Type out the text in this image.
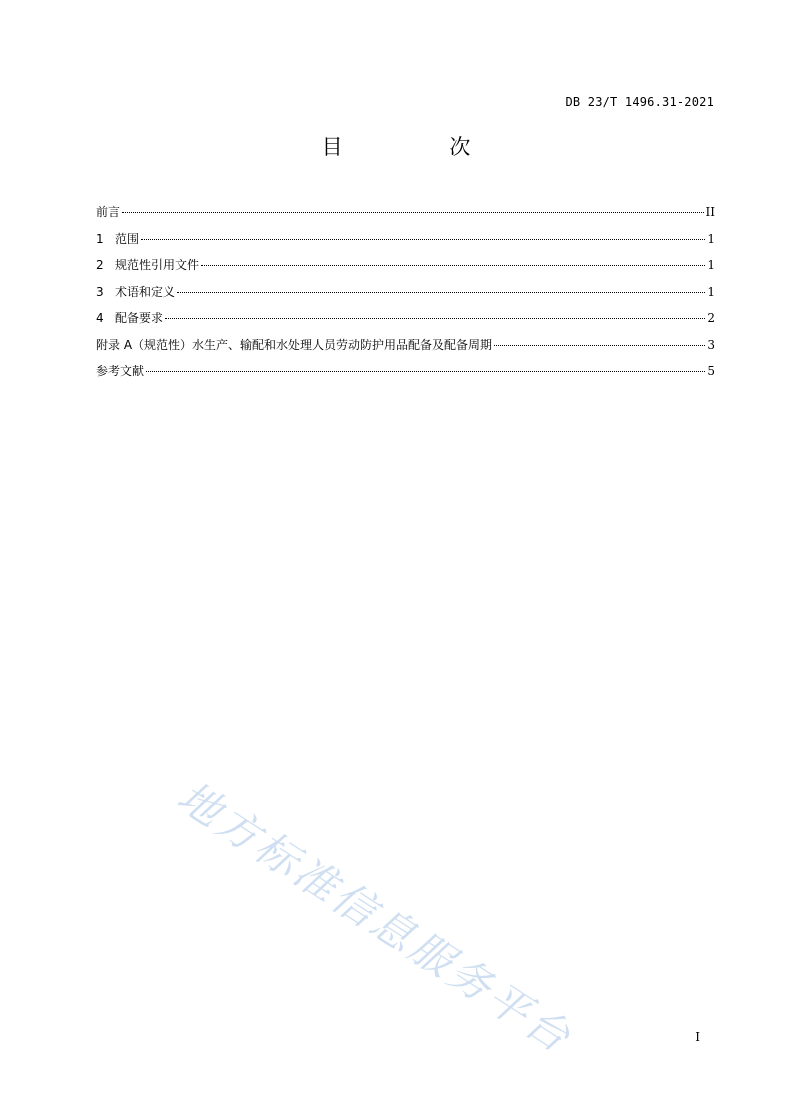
DB 23/T 1496.31-2021
目 次
前言	II
1 范围	1
2 规范性引用文件	1
3 术语和定义	1
4 配备要求	2
附录 A（规范性）水生产、输配和水处理人员劳动防护用品配备及配备周期	3
参考文献	5
地方标准信息服务平台	I
